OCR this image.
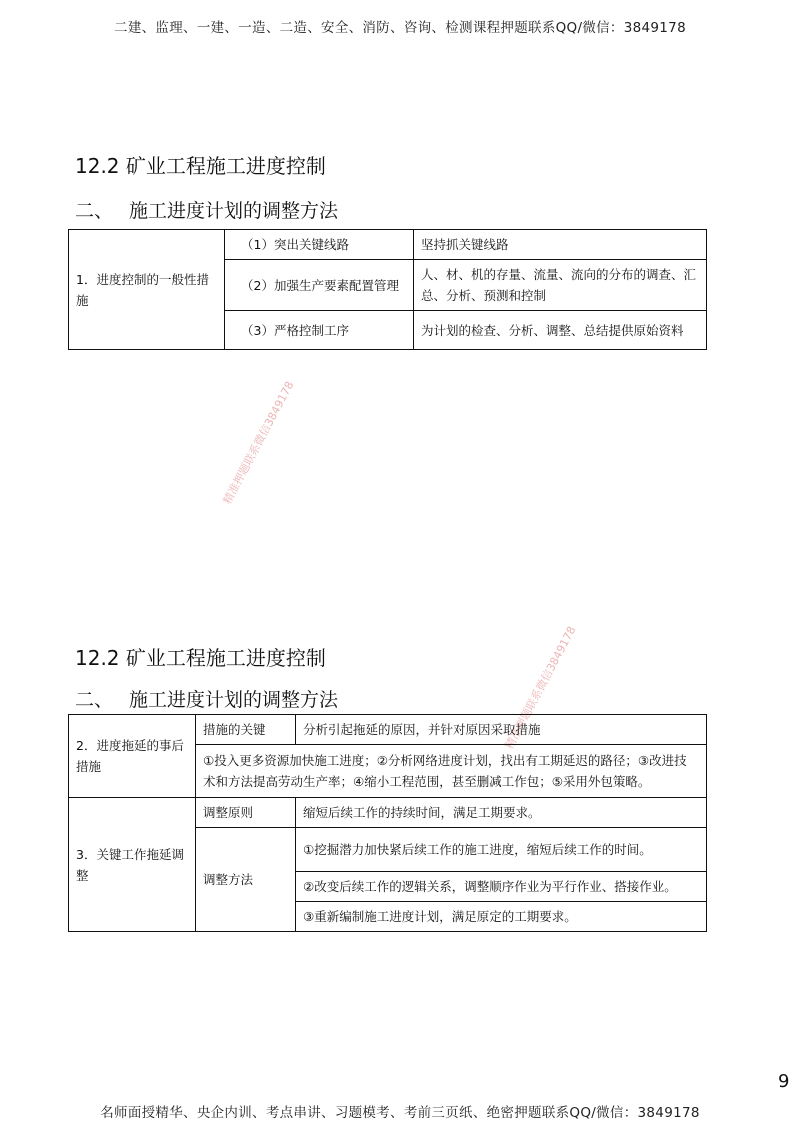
二建、监理、一建、一造、二造、安全、消防、咨询、检测课程押题联系QQ/微信：3849178
精准押题联系微信3849178
精准押题联系微信3849178
12.2 矿业工程施工进度控制
二、 施工进度计划的调整方法
1．进度控制的一般性措施	（1）突出关键线路	坚持抓关键线路
	（2）加强生产要素配置管理	人、材、机的存量、流量、流向的分布的调查、汇总、分析、预测和控制
	（3）严格控制工序	为计划的检查、分析、调整、总结提供原始资料
12.2 矿业工程施工进度控制
二、 施工进度计划的调整方法
2．进度拖延的事后措施	措施的关键	分析引起拖延的原因，并针对原因采取措施
	①投入更多资源加快施工进度；②分析网络进度计划，找出有工期延迟的路径；③改进技术和方法提高劳动生产率；④缩小工程范围，甚至删减工作包；⑤采用外包策略。	
3．关键工作拖延调整	调整原则	缩短后续工作的持续时间，满足工期要求。
	调整方法	①挖掘潜力加快紧后续工作的施工进度，缩短后续工作的时间。
		②改变后续工作的逻辑关系，调整顺序作业为平行作业、搭接作业。
		③重新编制施工进度计划，满足原定的工期要求。
9
名师面授精华、央企内训、考点串讲、习题模考、考前三页纸、绝密押题联系QQ/微信：3849178
